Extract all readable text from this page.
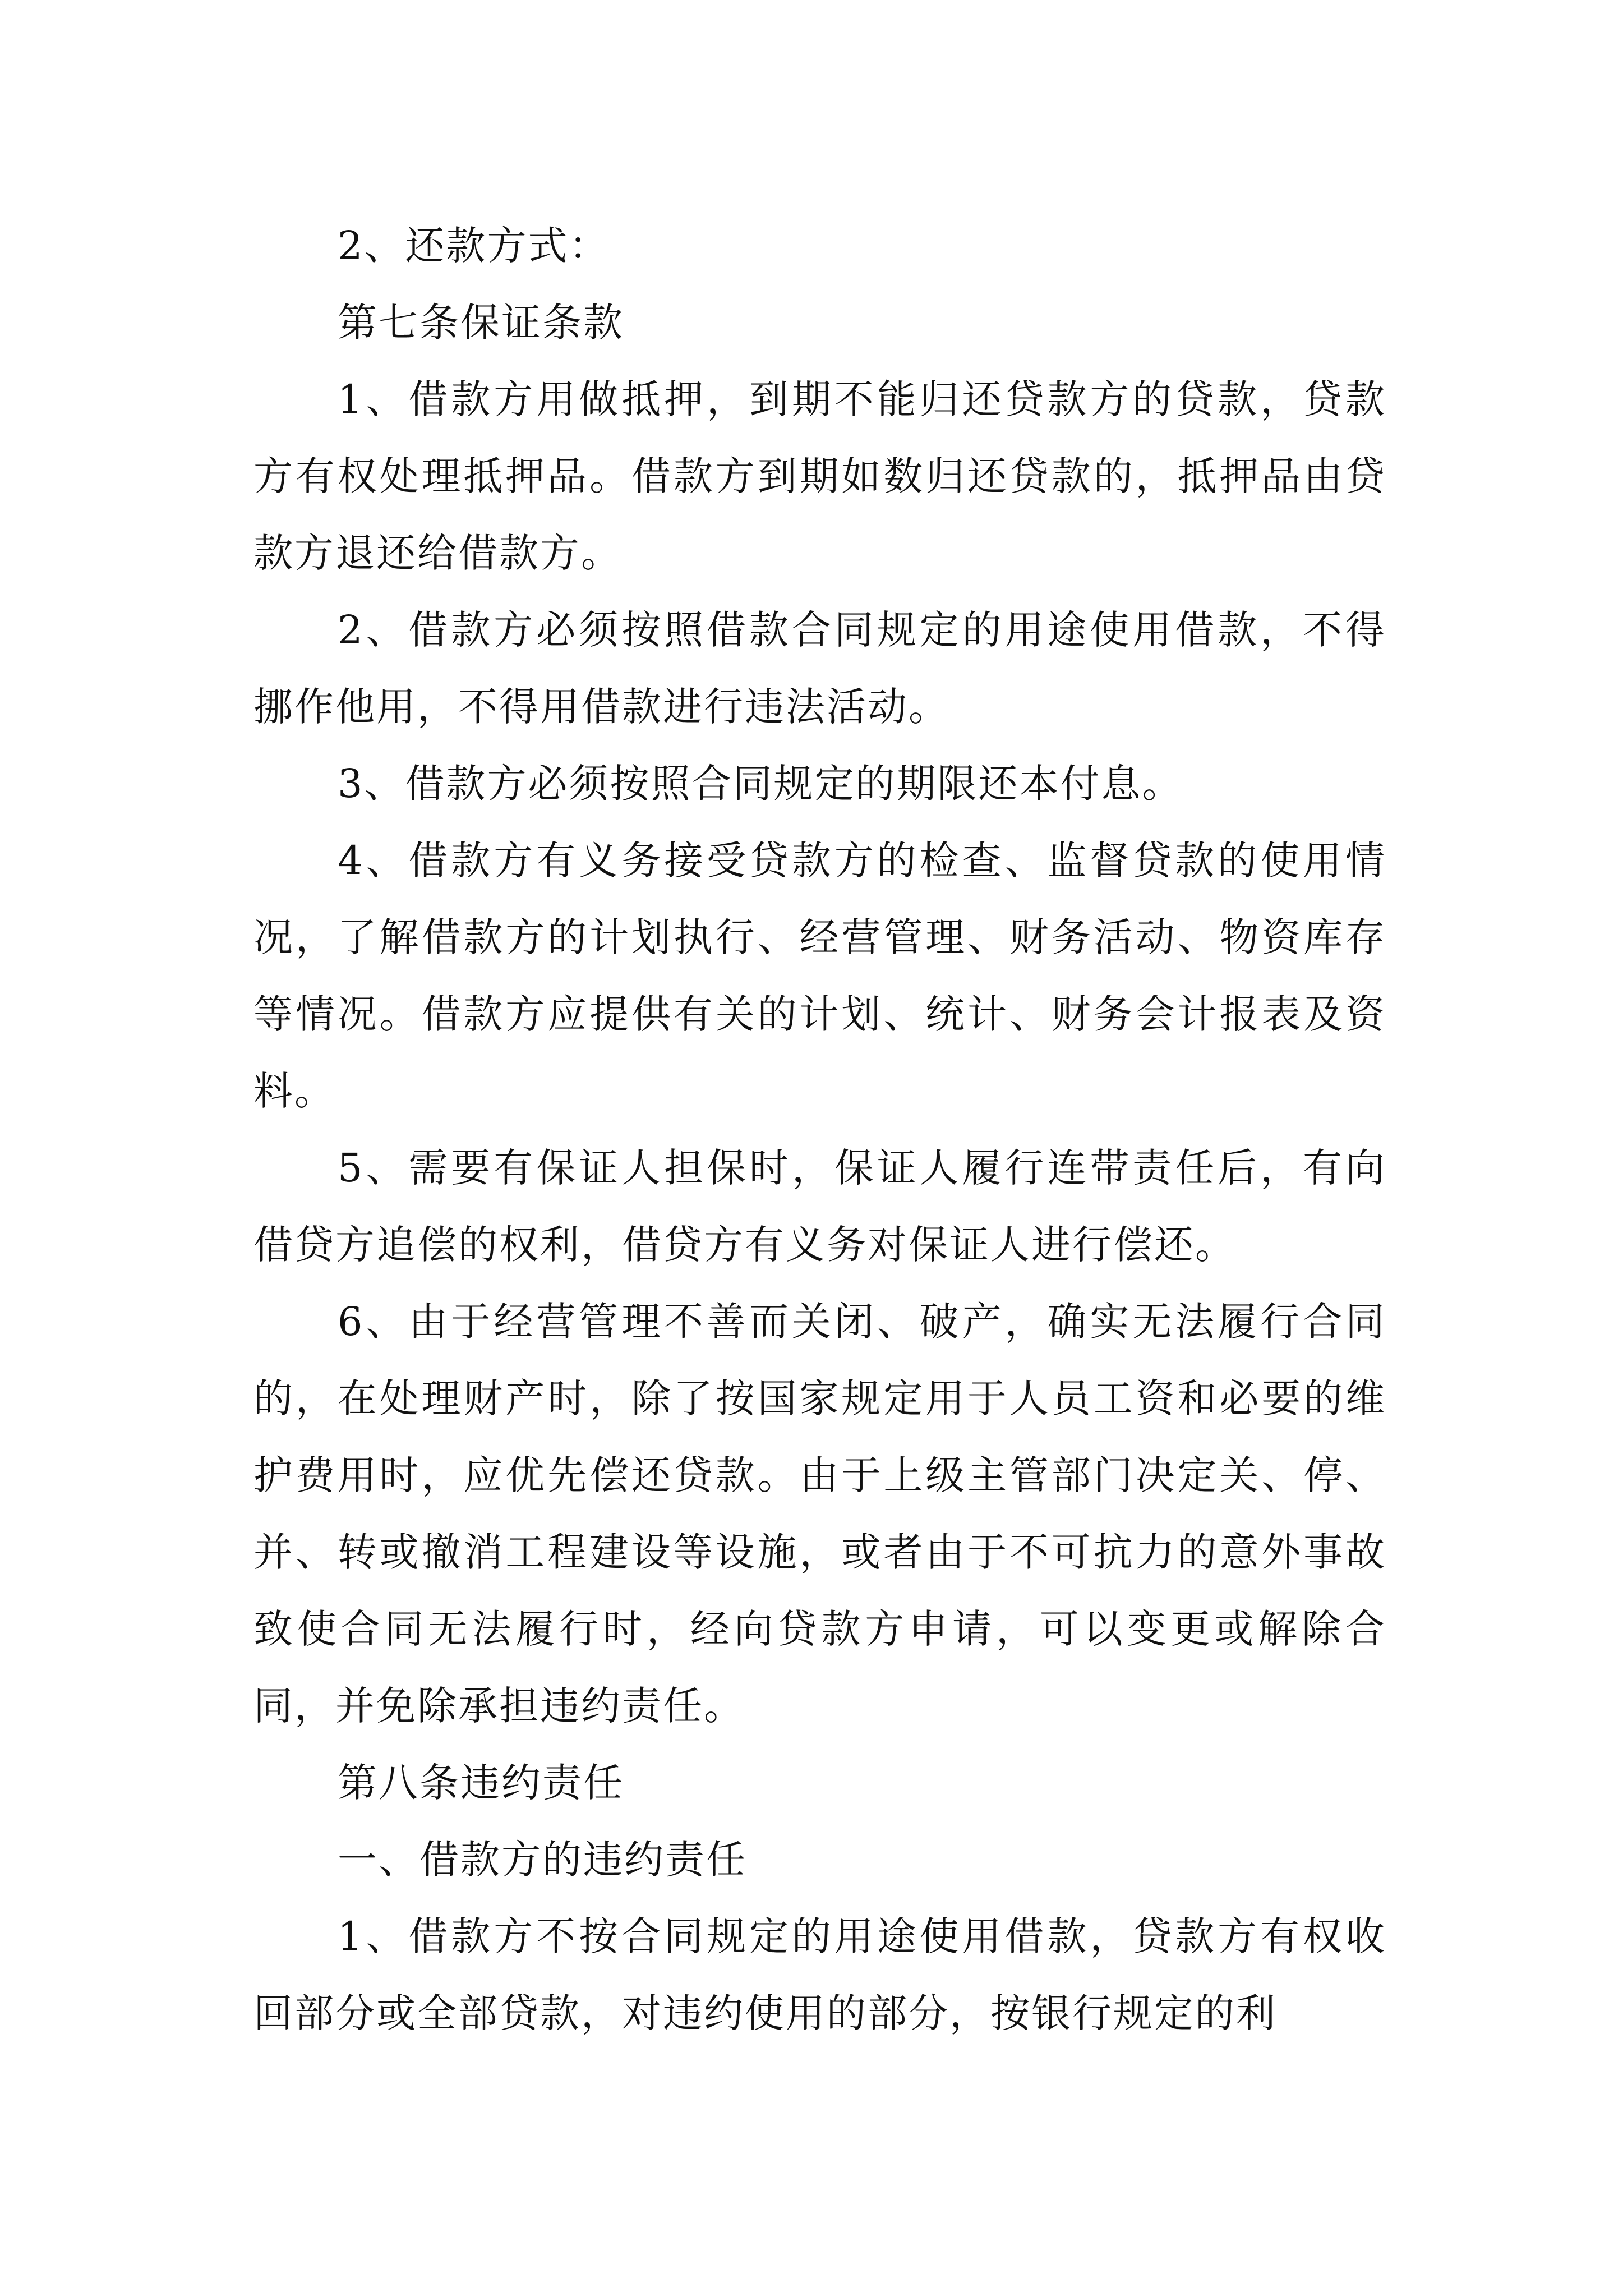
2、还款方式：

第七条保证条款

1、借款方用做抵押，到期不能归还贷款方的贷款，贷款方有权处理抵押品。借款方到期如数归还贷款的，抵押品由贷款方退还给借款方。

2、借款方必须按照借款合同规定的用途使用借款，不得挪作他用，不得用借款进行违法活动。

3、借款方必须按照合同规定的期限还本付息。

4、借款方有义务接受贷款方的检查、监督贷款的使用情况，了解借款方的计划执行、经营管理、财务活动、物资库存等情况。借款方应提供有关的计划、统计、财务会计报表及资料。

5、需要有保证人担保时，保证人履行连带责任后，有向借贷方追偿的权利，借贷方有义务对保证人进行偿还。

6、由于经营管理不善而关闭、破产，确实无法履行合同的，在处理财产时，除了按国家规定用于人员工资和必要的维护费用时，应优先偿还贷款。由于上级主管部门决定关、停、并、转或撤消工程建设等设施，或者由于不可抗力的意外事故致使合同无法履行时，经向贷款方申请，可以变更或解除合同，并免除承担违约责任。

第八条违约责任

一、借款方的违约责任

1、借款方不按合同规定的用途使用借款，贷款方有权收回部分或全部贷款，对违约使用的部分，按银行规定的利
